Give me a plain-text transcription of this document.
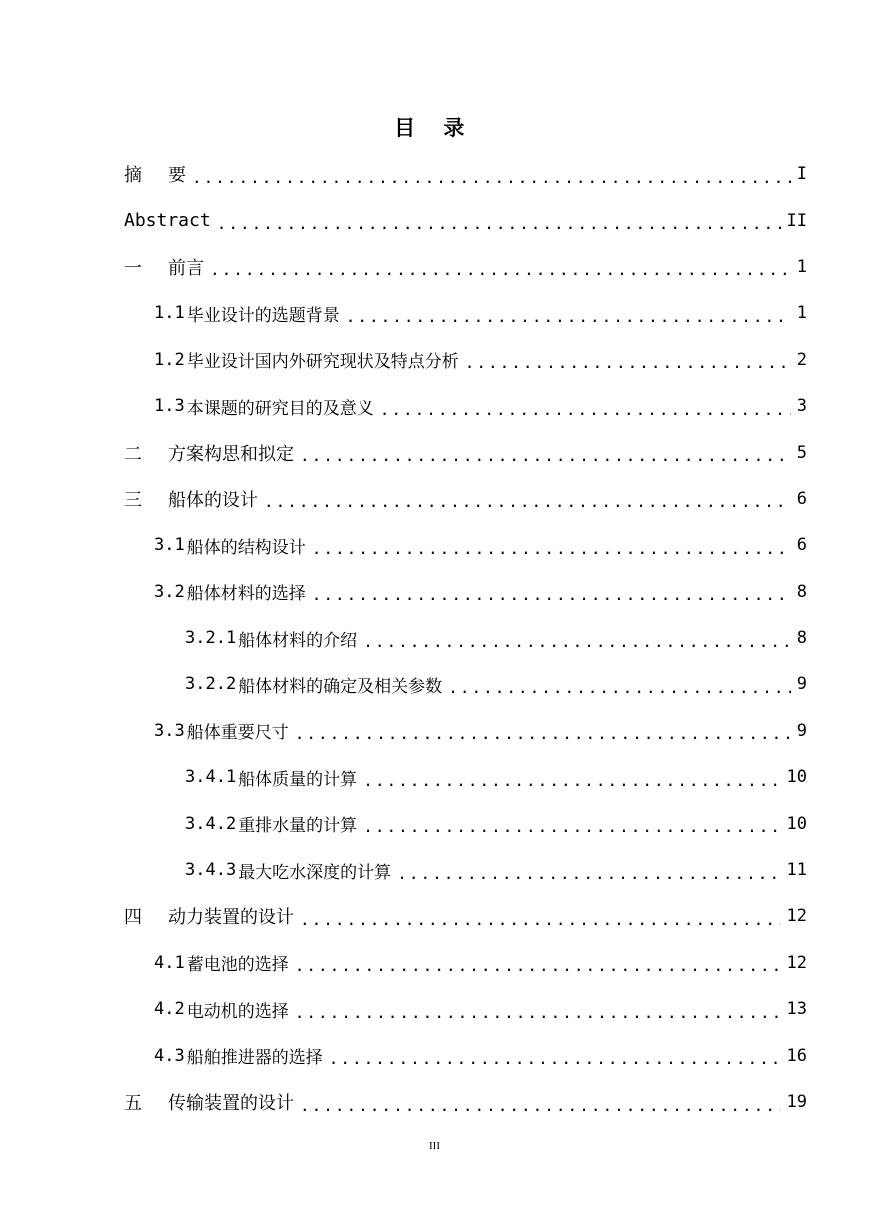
目 录
摘 要 .....	I
Abstract .....	II
一 前言 .....	1
1.1 毕业设计的选题背景 .....	1
1.2 毕业设计国内外研究现状及特点分析 .....	2
1.3 本课题的研究目的及意义 .....	3
二 方案构思和拟定 .....	5
三 船体的设计 .....	6
3.1 船体的结构设计 .....	6
3.2 船体材料的选择 .....	8
3.2.1 船体材料的介绍 .....	8
3.2.2 船体材料的确定及相关参数 .....	9
3.3 船体重要尺寸 .....	9
3.4.1 船体质量的计算 .....	10
3.4.2 重排水量的计算 .....	10
3.4.3 最大吃水深度的计算 .....	11
四 动力装置的设计 .....	12
4.1 蓄电池的选择 .....	12
4.2 电动机的选择 .....	13
4.3 船舶推进器的选择 .....	16
五 传输装置的设计 .....	19
III
